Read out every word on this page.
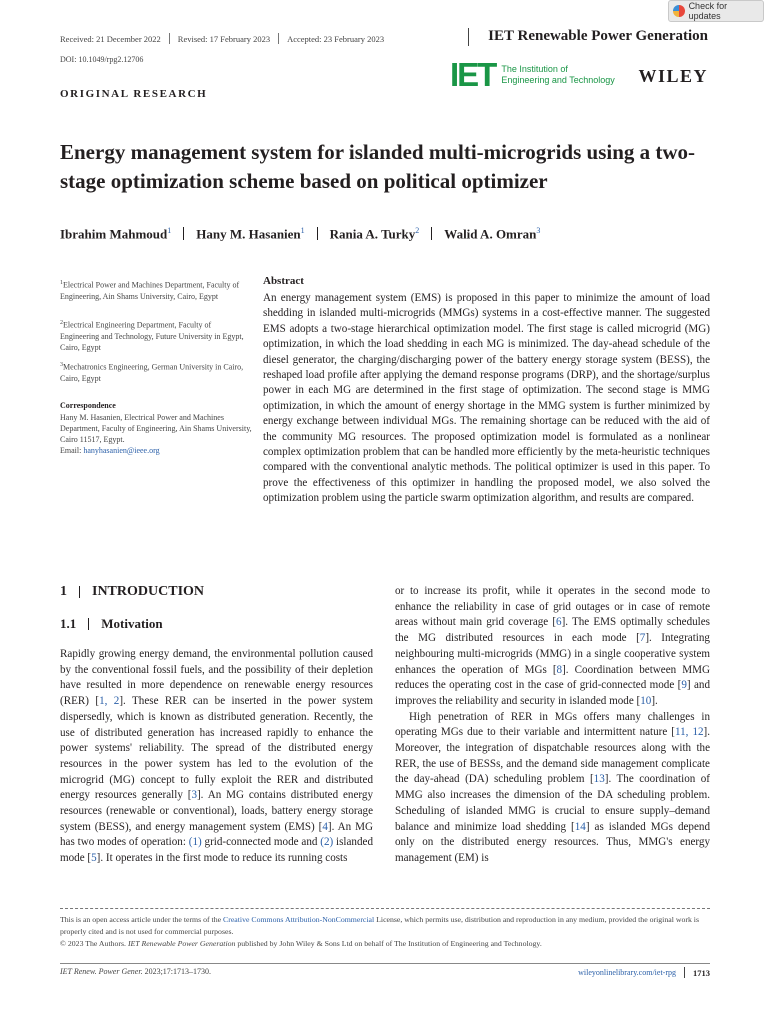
Check for updates
Received: 21 December 2022 Revised: 17 February 2023 Accepted: 23 February 2023	IET Renewable Power Generation
DOI: 10.1049/rpg2.12706	IET The Institution of
Engineering and Technology WILEY
ORIGINAL RESEARCH
Energy management system for islanded multi-microgrids using a two-stage optimization scheme based on political optimizer
Ibrahim Mahmoud$^1$ Hany M. Hasanien$^1$ Rania A. Turky$^2$ Walid A. Omran$^3$
$^1$Electrical Power and Machines Department, Faculty of Engineering, Ain Shams University, Cairo, Egypt
$^2$Electrical Engineering Department, Faculty of Engineering and Technology, Future University in Egypt, Cairo, Egypt
$^3$Mechatronics Engineering, German University in Cairo, Cairo, Egypt
Correspondence
Hany M. Hasanien, Electrical Power and Machines Department, Faculty of Engineering, Ain Shams University, Cairo 11517, Egypt.
Email: hanyhasanien@ieee.org
Abstract
An energy management system (EMS) is proposed in this paper to minimize the amount of load shedding in islanded multi-microgrids (MMGs) systems in a cost-effective manner. The suggested EMS adopts a two-stage hierarchical optimization model. The first stage is called microgrid (MG) optimization, in which the load shedding in each MG is minimized. The day-ahead schedule of the diesel generator, the charging/discharging power of the battery energy storage system (BESS), the reshaped load profile after applying the demand response programs (DRP), and the shortage/surplus power in each MG are determined in the first stage of optimization. The second stage is MMG optimization, in which the amount of energy shortage in the MMG system is further minimized by energy exchange between individual MGs. The remaining shortage can be reduced with the aid of the community MG resources. The proposed optimization model is formulated as a nonlinear complex optimization problem that can be handled more efficiently by the meta-heuristic techniques compared with the conventional analytic methods. The political optimizer is used in this paper. To prove the effectiveness of this optimizer in handling the proposed model, we also solved the optimization problem using the particle swarm optimization algorithm, and results are compared.
1 INTRODUCTION
1.1 Motivation

Rapidly growing energy demand, the environmental pollution caused by the conventional fossil fuels, and the possibility of their depletion have resulted in more dependence on renewable energy resources (RER) [1, 2]. These RER can be inserted in the power system dispersedly, which is known as distributed generation. Recently, the use of distributed generation has increased rapidly to enhance the power systems' reliability. The spread of the distributed energy resources in the power system has led to the evolution of the microgrid (MG) concept to fully exploit the RER and distributed energy resources generally [3]. An MG contains distributed energy resources (renewable or conventional), loads, battery energy storage system (BESS), and energy management system (EMS) [4]. An MG has two modes of operation: (1) grid-connected mode and (2) islanded mode [5]. It operates in the first mode to reduce its running costs

or to increase its profit, while it operates in the second mode to enhance the reliability in case of grid outages or in case of remote areas without main grid coverage [6]. The EMS optimally schedules the MG distributed resources in each mode [7]. Integrating neighbouring multi-microgrids (MMG) in a single cooperative system enhances the operation of MGs [8]. Coordination between MMG reduces the operating cost in the case of grid-connected mode [9] and improves the reliability and security in islanded mode [10].

High penetration of RER in MGs offers many challenges in operating MGs due to their variable and intermittent nature [11, 12]. Moreover, the integration of dispatchable resources along with the RER, the use of BESSs, and the demand side management complicate the day-ahead (DA) scheduling problem [13]. The coordination of MMG also increases the dimension of the DA scheduling problem. Scheduling of islanded MMG is crucial to ensure supply–demand balance and minimize load shedding [14] as islanded MGs depend only on the distributed energy resources. Thus, MMG's energy management (EM) is

This is an open access article under the terms of the Creative Commons Attribution-NonCommercial License, which permits use, distribution and reproduction in any medium, provided the original work is properly cited and is not used for commercial purposes.
© 2023 The Authors. IET Renewable Power Generation published by John Wiley & Sons Ltd on behalf of The Institution of Engineering and Technology.
IET Renew. Power Gener. 2023;17:1713–1730.	wileyonlinelibrary.com/iet-rpg 1713
